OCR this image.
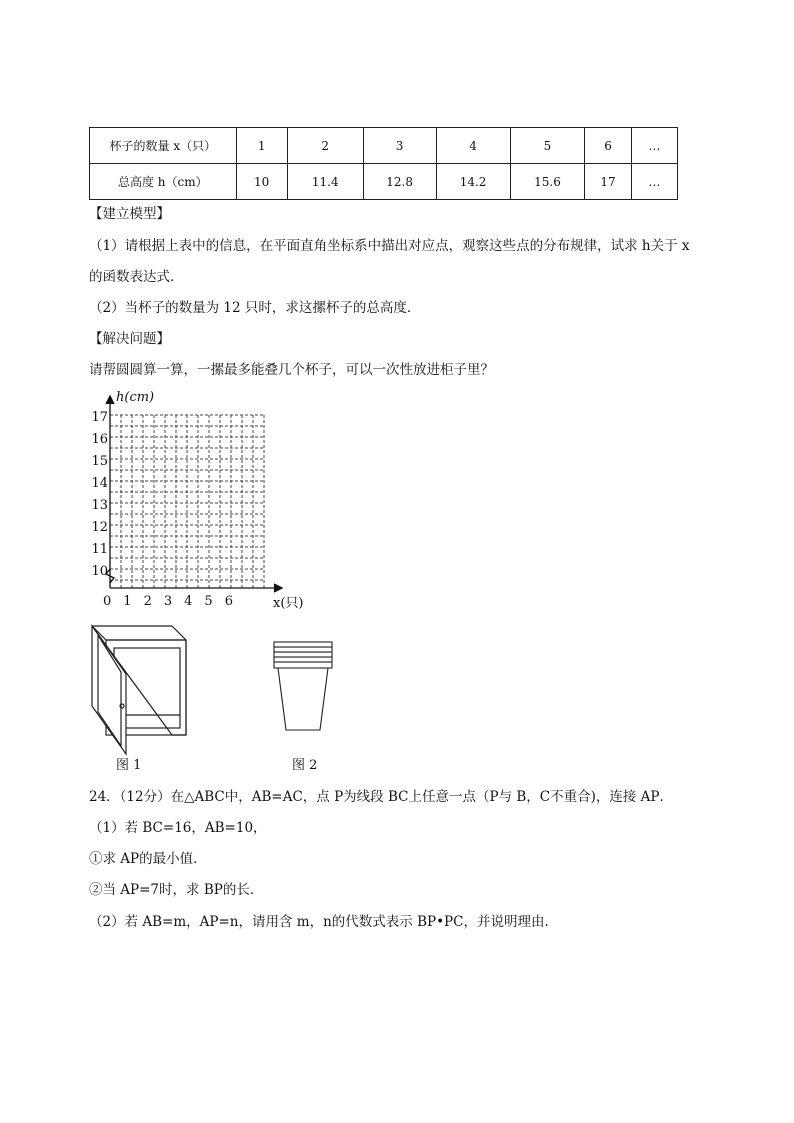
杯子的数量 x（只）	1	2	3	4	5	6	…
总高度 h（cm）	10	11.4	12.8	14.2	15.6	17	…
【建立模型】
（1）请根据上表中的信息，在平面直角坐标系中描出对应点，观察这些点的分布规律，试求 h关于 x
的函数表达式．
（2）当杯子的数量为 12 只时，求这摞杯子的总高度．
【解决问题】
请帮圆圆算一算，一摞最多能叠几个杯子，可以一次性放进柜子里？
h(cm)
x(只)
17
16
15
14
13
12
11
10
0 1 2 3 4 5 6
图 1	图 2
24．（12分）在△ABC中，AB=AC，点 P为线段 BC上任意一点（P与 B，C不重合)，连接 AP．
（1）若 BC=16，AB=10，
①求 AP的最小值．
②当 AP=7时，求 BP的长．
（2）若 AB=m，AP=n，请用含 m，n的代数式表示 BP•PC，并说明理由．
